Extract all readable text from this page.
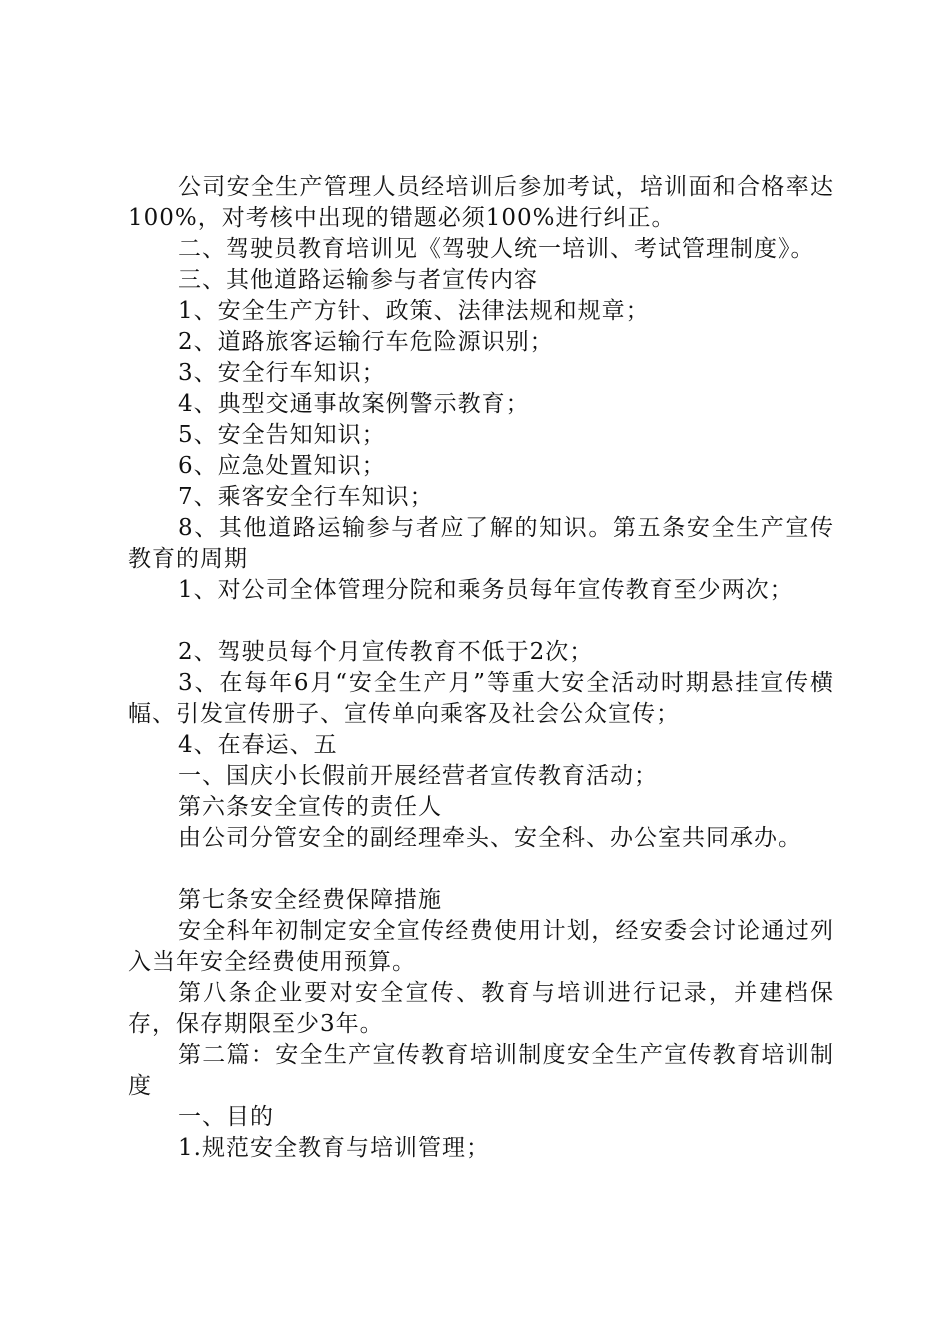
公司安全生产管理人员经培训后参加考试，培训面和合格率达100%，对考核中出现的错题必须100%进行纠正。

二、驾驶员教育培训见《驾驶人统一培训、考试管理制度》。

三、其他道路运输参与者宣传内容

1、安全生产方针、政策、法律法规和规章；

2、道路旅客运输行车危险源识别；

3、安全行车知识；

4、典型交通事故案例警示教育；

5、安全告知知识；

6、应急处置知识；

7、乘客安全行车知识；

8、其他道路运输参与者应了解的知识。第五条安全生产宣传教育的周期

1、对公司全体管理分院和乘务员每年宣传教育至少两次；

2、驾驶员每个月宣传教育不低于2次；

3、在每年6月“安全生产月”等重大安全活动时期悬挂宣传横幅、引发宣传册子、宣传单向乘客及社会公众宣传；

4、在春运、五

一、国庆小长假前开展经营者宣传教育活动；

第六条安全宣传的责任人

由公司分管安全的副经理牵头、安全科、办公室共同承办。

第七条安全经费保障措施

安全科年初制定安全宣传经费使用计划，经安委会讨论通过列入当年安全经费使用预算。

第八条企业要对安全宣传、教育与培训进行记录，并建档保存，保存期限至少3年。

第二篇：安全生产宣传教育培训制度安全生产宣传教育培训制度

一、目的

1.规范安全教育与培训管理；
